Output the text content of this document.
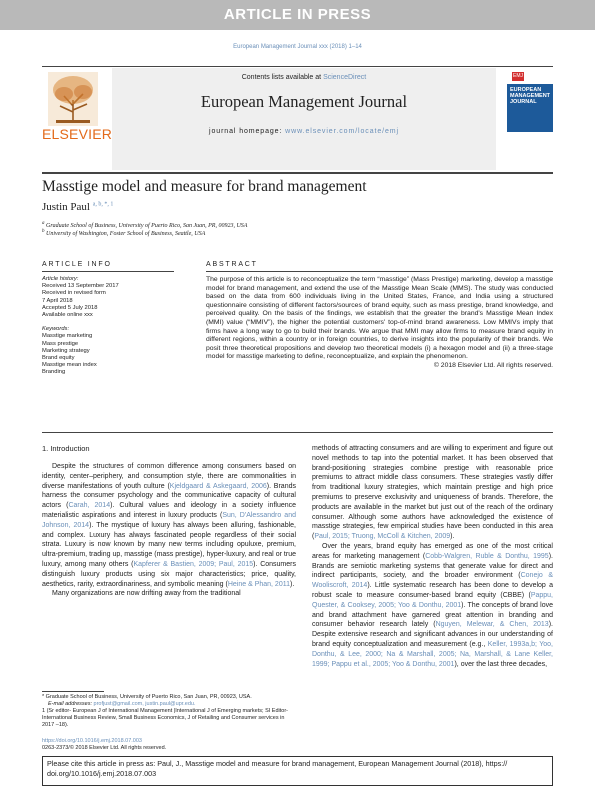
ARTICLE IN PRESS
European Management Journal xxx (2018) 1–14
ELSEVIER
Contents lists available at ScienceDirect
European Management Journal
journal homepage: www.elsevier.com/locate/emj
EMJ
EUROPEAN MANAGEMENT JOURNAL
Masstige model and measure for brand management
Justin Paul $^{a, b, *, 1}$
$^a$ Graduate School of Business, University of Puerto Rico, San Juan, PR, 00923, USA
$^b$ University of Washington, Foster School of Business, Seattle, USA
ARTICLE INFO	ABSTRACT
Article history:
Received 13 September 2017
Received in revised form
7 April 2018
Accepted 5 July 2018
Available online xxx
Keywords:
Masstige marketing
Mass prestige
Marketing strategy
Brand equity
Masstige mean index
Branding
The purpose of this article is to reconceptualize the term “masstige” (Mass Prestige) marketing, develop a masstige model for brand management, and extend the use of the Masstige Mean Scale (MMS). The study was conducted based on the data from 600 individuals living in the United States, France, and India using a structured questionnaire consisting of different factors/sources of brand equity, such as mass prestige, brand knowledge, and perceived quality. On the basis of the findings, we establish that the greater the brand's Masstige Mean Index (MMI) value (“MMIV”), the higher the potential customers' top-of-mind brand awareness. Low MMIVs imply that firms have a long way to go to build their brands. We argue that MMI may allow firms to measure brand equity in different regions, within a country or in foreign countries, to derive insights into the popularity of their brands. We posit three theoretical propositions and develop two theoretical models (i) a hexagon model and (ii) a three-stage model for masstige marketing to define, reconceptualize, and explain the phenomenon.
© 2018 Elsevier Ltd. All rights reserved.
1. Introduction

Despite the structures of common difference among consumers based on identity, center–periphery, and consumption style, there are commonalities in diverse manifestations of youth culture (Kjeldgaard & Askegaard, 2006). Brands harness the consumer psychology and the communicative capacity of cultural actors (Carah, 2014). Cultural values and ideology in a society influence materialistic aspirations and interest in luxury products (Sun, D'Alessandro and Johnson, 2014). The mystique of luxury has always been alluring, fashionable, and complex. Luxury has always fascinated people regardless of their social strata. Luxury is now known by many new terms including opuluxe, premium, ultra-premium, trading up, masstige (mass prestige), hyper-luxury, and real or true luxury, among many others (Kapferer & Bastien, 2009; Paul, 2015). Consumers distinguish luxury products using six major characteristics; price, quality, aesthetics, rarity, extraordinariness, and symbolic meaning (Heine & Phan, 2011).

Many organizations are now drifting away from the traditional

* Graduate School of Business, University of Puerto Rico, San Juan, PR, 00923, USA.
E-mail addresses: profjust@gmail.com, justin.paul@upr.edu.
1 (Sr editor- European J of International Management |International J of Emerging markets; SI Editor- International Business Review, Small Business Economics, J of Retailing and Consumer services in 2017 –18).
https://doi.org/10.1016/j.emj.2018.07.003
0263-2373/© 2018 Elsevier Ltd. All rights reserved.

methods of attracting consumers and are willing to experiment and figure out novel methods to tap into the potential market. It has been observed that brand-positioning strategies combine prestige with reasonable price premiums to attract middle class consumers. These strategies vastly differ from traditional luxury strategies, which maintain prestige and high price premiums to preserve exclusivity and uniqueness of brands. Therefore, the products are available in the market but just out of the reach of the ordinary consumer. Although some authors have acknowledged the existence of masstige strategies, few empirical studies have been conducted in this area (Paul, 2015; Truong, McColl & Kitchen, 2009).

Over the years, brand equity has emerged as one of the most critical areas for marketing management (Cobb-Walgren, Ruble & Donthu, 1995). Brands are semiotic marketing systems that generate value for direct and indirect participants, society, and the broader environment (Conejo & Wooliscroft, 2014). Little systematic research has been done to develop a robust scale to measure consumer-based brand equity (CBBE) (Pappu, Quester, & Cooksey, 2005; Yoo & Donthu, 2001). The concepts of brand love and brand attachment have garnered great attention in branding and consumer behavior research lately (Nguyen, Melewar, & Chen, 2013). Despite extensive research and significant advances in our understanding of brand equity conceptualization and measurement (e.g., Keller, 1993a,b; Yoo, Donthu, & Lee, 2000; Na & Marshall, 2005; Na, Marshall, & Lane Keller, 1999; Pappu et al., 2005; Yoo & Donthu, 2001), over the last three decades,

Please cite this article in press as: Paul, J., Masstige model and measure for brand management, European Management Journal (2018), https://
doi.org/10.1016/j.emj.2018.07.003
